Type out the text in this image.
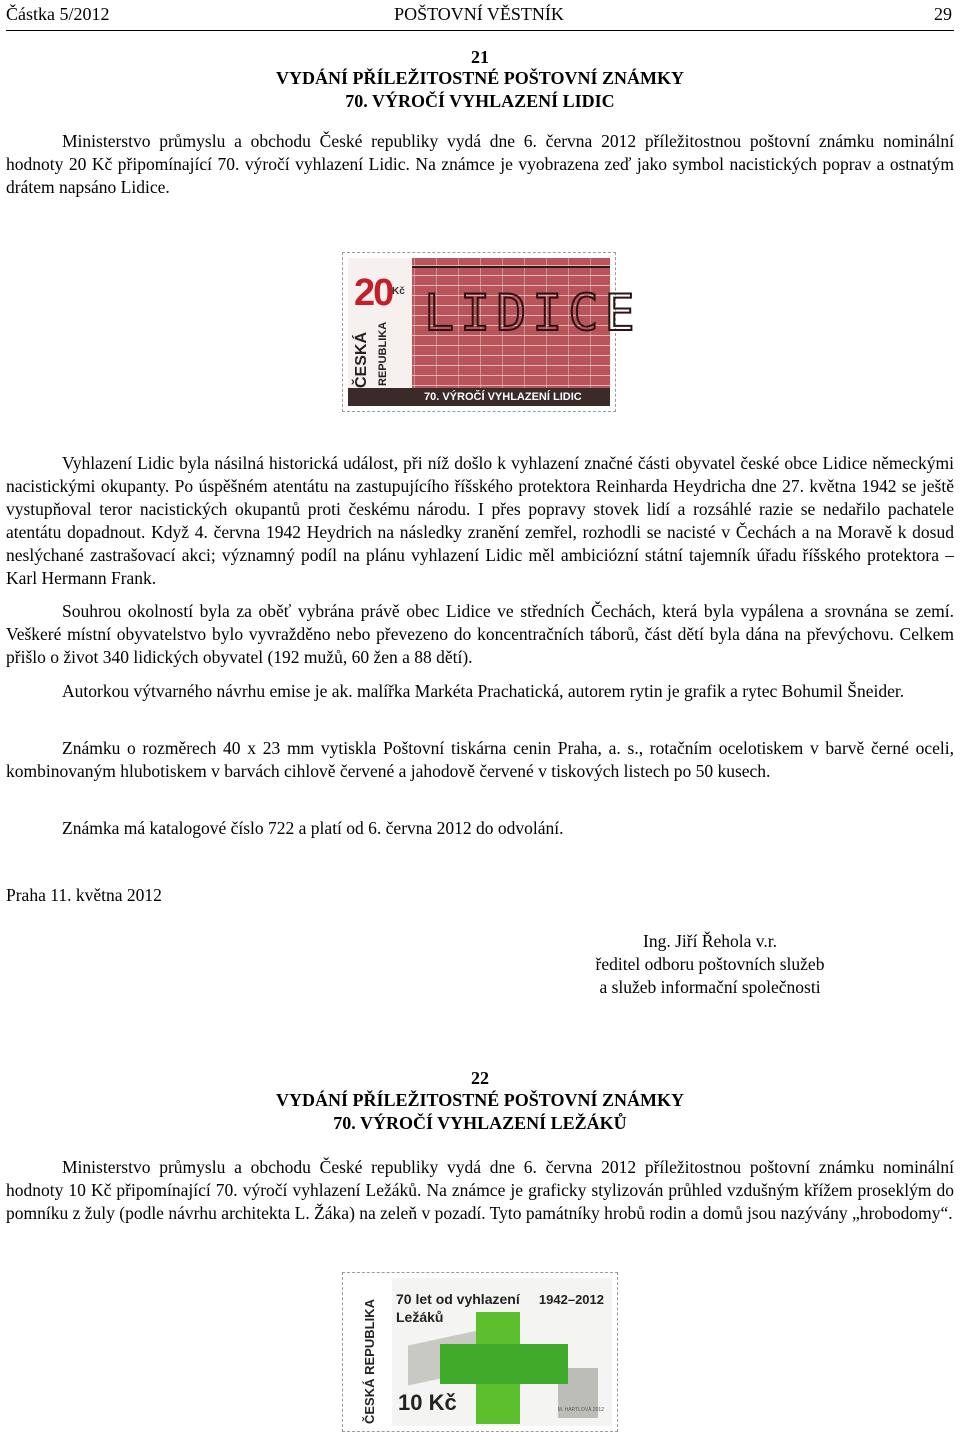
Částka 5/2012	29
POŠTOVNÍ VĚSTNÍK
21
VYDÁNÍ PŘÍLEŽITOSTNÉ POŠTOVNÍ ZNÁMKY
70. VÝROČÍ VYHLAZENÍ LIDIC
Ministerstvo průmyslu a obchodu České republiky vydá dne 6. června 2012 příležitostnou poštovní známku nominální hodnoty 20 Kč připomínající 70. výročí vyhlazení Lidic. Na známce je vyobrazena zeď jako symbol nacistických poprav a ostnatým drátem napsáno Lidice.
20 Kč
ČESKÁ REPUBLIKA
LIDICE
70. VÝROČÍ VYHLAZENÍ LIDIC
Vyhlazení Lidic byla násilná historická událost, při níž došlo k vyhlazení značné části obyvatel české obce Lidice německými nacistickými okupanty. Po úspěšném atentátu na zastupujícího říšského protektora Reinharda Heydricha dne 27. května 1942 se ještě vystupňoval teror nacistických okupantů proti českému národu. I přes popravy stovek lidí a rozsáhlé razie se nedařilo pachatele atentátu dopadnout. Když 4. června 1942 Heydrich na následky zranění zemřel, rozhodli se nacisté v Čechách a na Moravě k dosud neslýchané zastrašovací akci; významný podíl na plánu vyhlazení Lidic měl ambiciózní státní tajemník úřadu říšského protektora – Karl Hermann Frank.
Souhrou okolností byla za oběť vybrána právě obec Lidice ve středních Čechách, která byla vypálena a srovnána se zemí. Veškeré místní obyvatelstvo bylo vyvražděno nebo převezeno do koncentračních táborů, část dětí byla dána na převýchovu. Celkem přišlo o život 340 lidických obyvatel (192 mužů, 60 žen a 88 dětí).
Autorkou výtvarného návrhu emise je ak. malířka Markéta Prachatická, autorem rytin je grafik a rytec Bohumil Šneider.
Známku o rozměrech 40 x 23 mm vytiskla Poštovní tiskárna cenin Praha, a. s., rotačním ocelotiskem v barvě černé oceli, kombinovaným hlubotiskem v barvách cihlově červené a jahodově červené v tiskových listech po 50 kusech.
Známka má katalogové číslo 722 a platí od 6. června 2012 do odvolání.
Praha 11. května 2012
Ing. Jiří Řehola v.r.
ředitel odboru poštovních služeb
a služeb informační společnosti
22
VYDÁNÍ PŘÍLEŽITOSTNÉ POŠTOVNÍ ZNÁMKY
70. VÝROČÍ VYHLAZENÍ LEŽÁKŮ
Ministerstvo průmyslu a obchodu České republiky vydá dne 6. června 2012 příležitostnou poštovní známku nominální hodnoty 10 Kč připomínající 70. výročí vyhlazení Ležáků. Na známce je graficky stylizován průhled vzdušným křížem proseklým do pomníku z žuly (podle návrhu architekta L. Žáka) na zeleň v pozadí. Tyto památníky hrobů rodin a domů jsou nazývány „hrobodomy“.
ČESKÁ REPUBLIKA
70 let od vyhlazení
Ležáků
1942–2012
10 Kč	M. HARTLOVÁ 2012
